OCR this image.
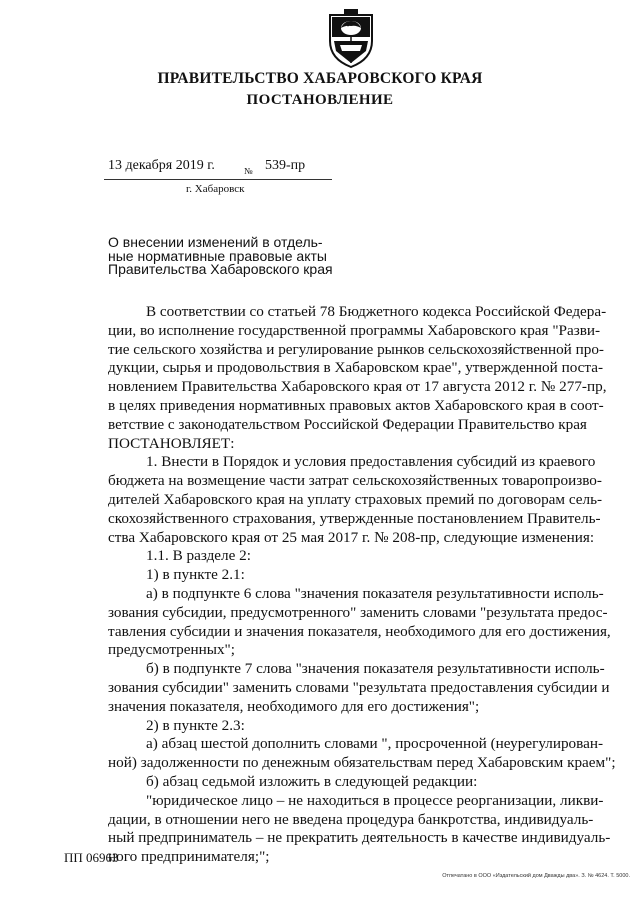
ПРАВИТЕЛЬСТВО ХАБАРОВСКОГО КРАЯ
ПОСТАНОВЛЕНИЕ
13 декабря 2019 г.	№ 539-пр
г. Хабаровск
О внесении изменений в отдель-
ные нормативные правовые акты
Правительства Хабаровского края
В соответствии со статьей 78 Бюджетного кодекса Российской Федера-
ции, во исполнение государственной программы Хабаровского края "Разви-
тие сельского хозяйства и регулирование рынков сельскохозяйственной про-
дукции, сырья и продовольствия в Хабаровском крае", утвержденной поста-
новлением Правительства Хабаровского края от 17 августа 2012 г. № 277-пр,
в целях приведения нормативных правовых актов Хабаровского края в соот-
ветствие с законодательством Российской Федерации Правительство края
ПОСТАНОВЛЯЕТ:
1. Внести в Порядок и условия предоставления субсидий из краевого
бюджета на возмещение части затрат сельскохозяйственных товаропроизво-
дителей Хабаровского края на уплату страховых премий по договорам сель-
скохозяйственного страхования, утвержденные постановлением Правитель-
ства Хабаровского края от 25 мая 2017 г. № 208-пр, следующие изменения:
1.1. В разделе 2:
1) в пункте 2.1:
а) в подпункте 6 слова "значения показателя результативности исполь-
зования субсидии, предусмотренного" заменить словами "результата предос-
тавления субсидии и значения показателя, необходимого для его достижения,
предусмотренных";
б) в подпункте 7 слова "значения показателя результативности исполь-
зования субсидии" заменить словами "результата предоставления субсидии и
значения показателя, необходимого для его достижения";
2) в пункте 2.3:
а) абзац шестой дополнить словами ", просроченной (неурегулирован-
ной) задолженности по денежным обязательствам перед Хабаровским краем";
б) абзац седьмой изложить в следующей редакции:
"юридическое лицо – не находиться в процессе реорганизации, ликви-
дации, в отношении него не введена процедура банкротства, индивидуаль-
ный предприниматель – не прекратить деятельность в качестве индивидуаль-
ного предпринимателя;";
ПП 06963
Отпечатано в ООО «Издательский дом Дважды два». З. № 4624. Т. 5000.
